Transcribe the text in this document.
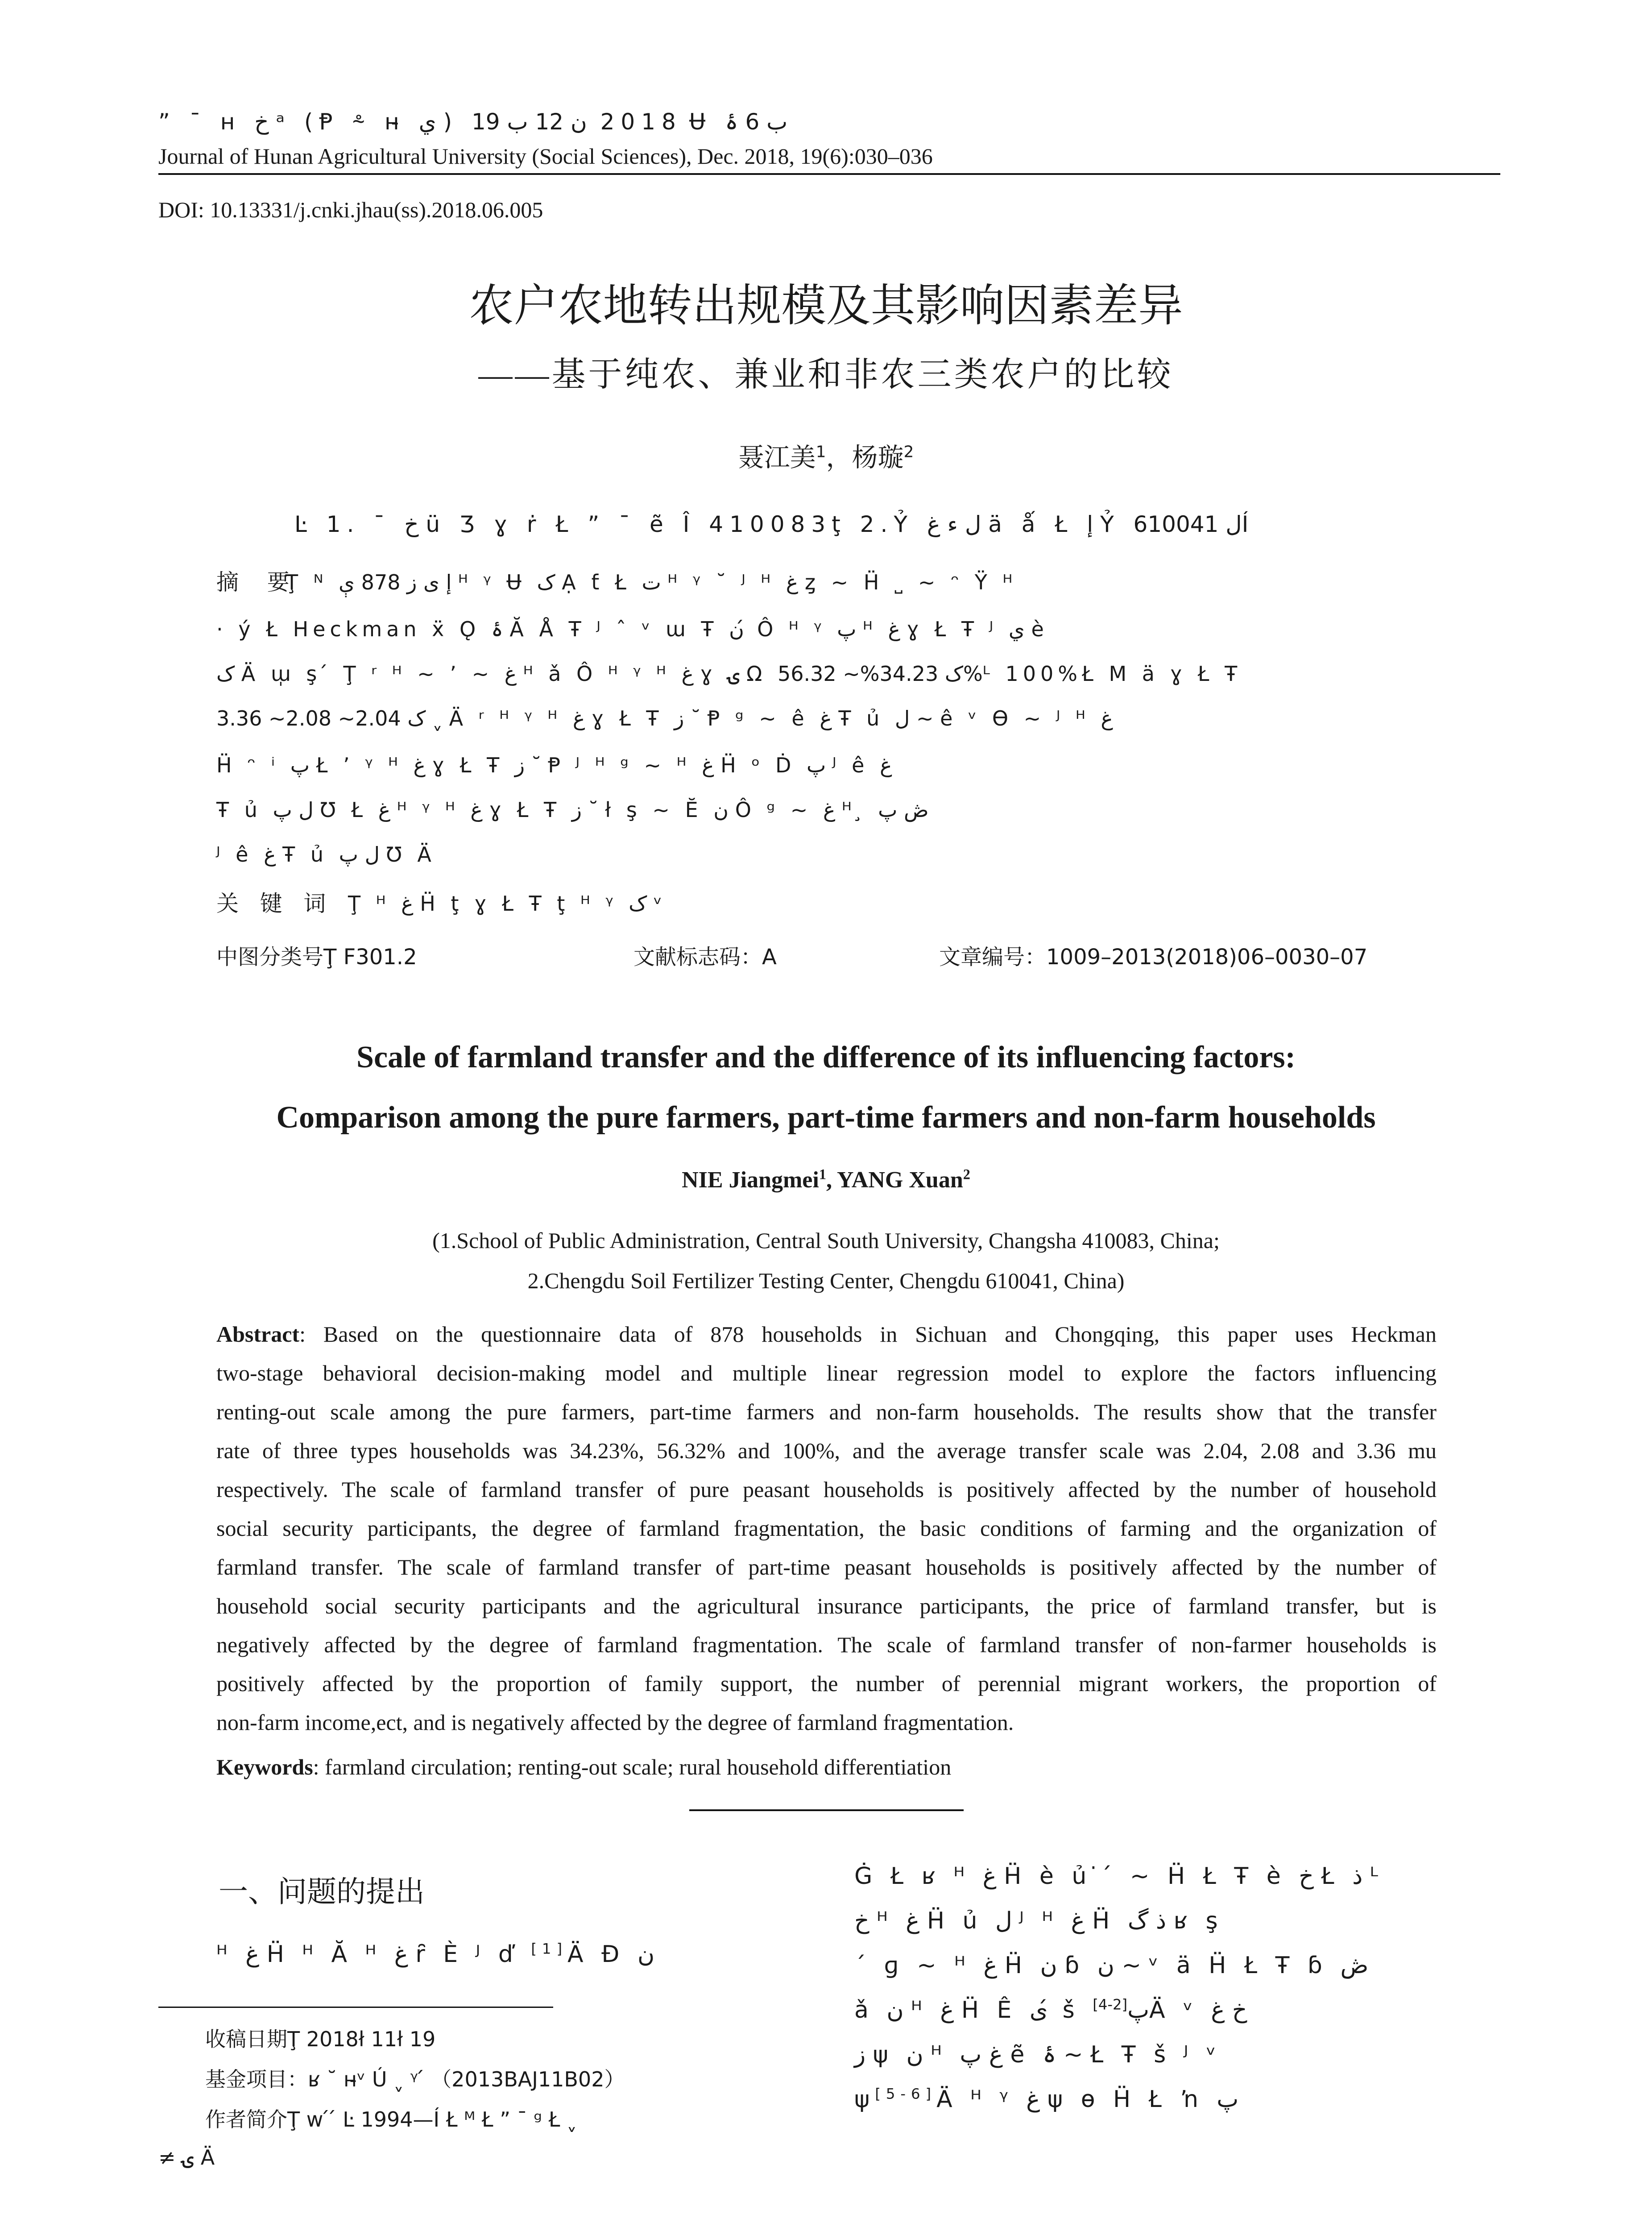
” ¯ ʜ خ ᵃ (Ᵽ ⸛ ʜ̵ ي ) 2018 ن 12 ب 19 Ʉ ب 6 ۂ
Journal of Hunan Agricultural University (Social Sciences), Dec. 2018, 19(6):030–036
DOI: 10.13331/j.cnki.jhau(ss).2018.06.005
农户农地转出规模及其影响因素差异
——基于纯农、兼业和非农三类农户的比较
聂江美$^1$，杨璇$^2$
Ŀ 1. ¯ خ ü Ʒ ɣ ṙ Ł ” ¯ ẽ Î 410083ţ 2.Ỷ ل ء غ ä ǻ Ł إ Ỷ ل 610041Í
摘    要
Ţ ᴺ إ ی ز 878 ې ᴴ ᵞ Ʉ ک Ạ ƭ Ł ت ᴴ ᵞ ˘ ᴶ ᴴ غ ȥ ~ Ḧ ˽ ~ ᵔ Ÿ ᴴ
· ý Ł Heckman ẍ Ǫ ۂ Ă Å Ŧ ᴶ ˆ ᵛ ɯ Ŧ ن ́ Ô ᴴ ᵞ پ ᴴ غ ɣ Ł Ŧ ᴶ ي è
ک Ä ɯ̩ ş ́ Ţ ʳ ᴴ ~ ʼ ~ غ ᴴ ǎ Ô ᴴ ᵞ ᴴ غ ɣ ۍ Ω ک 34.23%~ 56.32%ᴸ 100%Ł Μ ä ɣ Ł Ŧ
ک 2.04~ 2.08~ 3.36 ˬ Ä ʳ ᴴ ᵞ ᴴ غ ɣ Ł Ŧ ز ˘ Ᵽ ᵍ ~ ê غ Ŧ ủ ل ~ ê ᵛ Ө ~ ᴶ ᴴ غ
Ḧ ᵔ ⁱ پ Ł ʼ ᵞ ᴴ غ ɣ Ł Ŧ ز ˘ Ᵽ ᴶ ᴴ ᵍ ~ ᴴ غ Ḧ ᵒ Ḋ پ ᴶ ê غ
Ŧ ủ ل پ Ʊ Ł غ ᴴ ᵞ ᴴ غ ɣ Ł Ŧ ز ˘ ł ş ~ Ĕ ن Ô ᵍ ~ غ ᴴ ̧ ڞ پ
ᴶ ê غ Ŧ ủ ل پ Ʊ Ä
关   键   词 Ţ ᴴ غ Ḧ ţ ɣ Ł Ŧ ţ ᴴ ᵞ ک ᵛ
中图分类号Ţ F301.2	文献标志码：A	文章编号：1009–2013(2018)06–0030–07
Scale of farmland transfer and the difference of its influencing factors:
Comparison among the pure farmers, part-time farmers and non-farm households
NIE Jiangmei$^1$, YANG Xuan$^2$
(1.School of Public Administration, Central South University, Changsha 410083, China;
2.Chengdu Soil Fertilizer Testing Center, Chengdu 610041, China)
Abstract: Based on the questionnaire data of 878 households in Sichuan and Chongqing, this paper uses Heckman
two-stage behavioral decision-making model and multiple linear regression model to explore the factors influencing
renting-out scale among the pure farmers, part-time farmers and non-farm households. The results show that the transfer
rate of three types households was 34.23%, 56.32% and 100%, and the average transfer scale was 2.04, 2.08 and 3.36 mu
respectively. The scale of farmland transfer of pure peasant households is positively affected by the number of household
social security participants, the degree of farmland fragmentation, the basic conditions of farming and the organization of
farmland transfer. The scale of farmland transfer of part-time peasant households is positively affected by the number of
household social security participants and the agricultural insurance participants, the price of farmland transfer, but is
negatively affected by the degree of farmland fragmentation. The scale of farmland transfer of non-farmer households is
positively affected by the proportion of family support, the number of perennial migrant workers, the proportion of
non-farm income,ect, and is negatively affected by the degree of farmland fragmentation.
Keywords: farmland circulation; renting-out scale; rural household differentiation
一、问题的提出
ᴴ غ Ḧ ᴴ Ă ᴴ غ ȓ È ᴶ ď [1]Ä Đ ن
Ġ Ł ʁ ᴴ غ Ḧ è ủ ̇ ́ ~ Ḧ Ł Ŧ è خ Ł ذ ᴸ
خ ᴴ غ Ḧ ủ ل ᴶ ᴴ غ Ḧ ذ گ ʁ ş
´ ɡ ~ ᴴ غ Ḧ ن ɓ ن ~ ᵛ ä Ḧ Ł Ŧ ɓ ڞ
ǎ ن ᴴ غ Ḧ Ê ی ́ š پ[2-4] Ä ᵛ خ غ
ز ψ ن ᴴ غ پ ẽ ۂ ~ Ł Ŧ š ᴶ ᵛ
ψ[5-6]Ä ᴴ ᵞ غ ψ ɵ Ḧ Ł ŉ پ
收稿日期Ţ 2018ł 11ł 19
基金项目：ʁ ˘ ʜ̵ᵛ Ú ˬ ᵞ ́ （2013BAJ11B02）
作者简介Ţ w ́ ́ Ŀ 1994—Í Ł ᴹ Ł ” ¯ ᵍ Ł ˬ
≠ ۍ Ä
